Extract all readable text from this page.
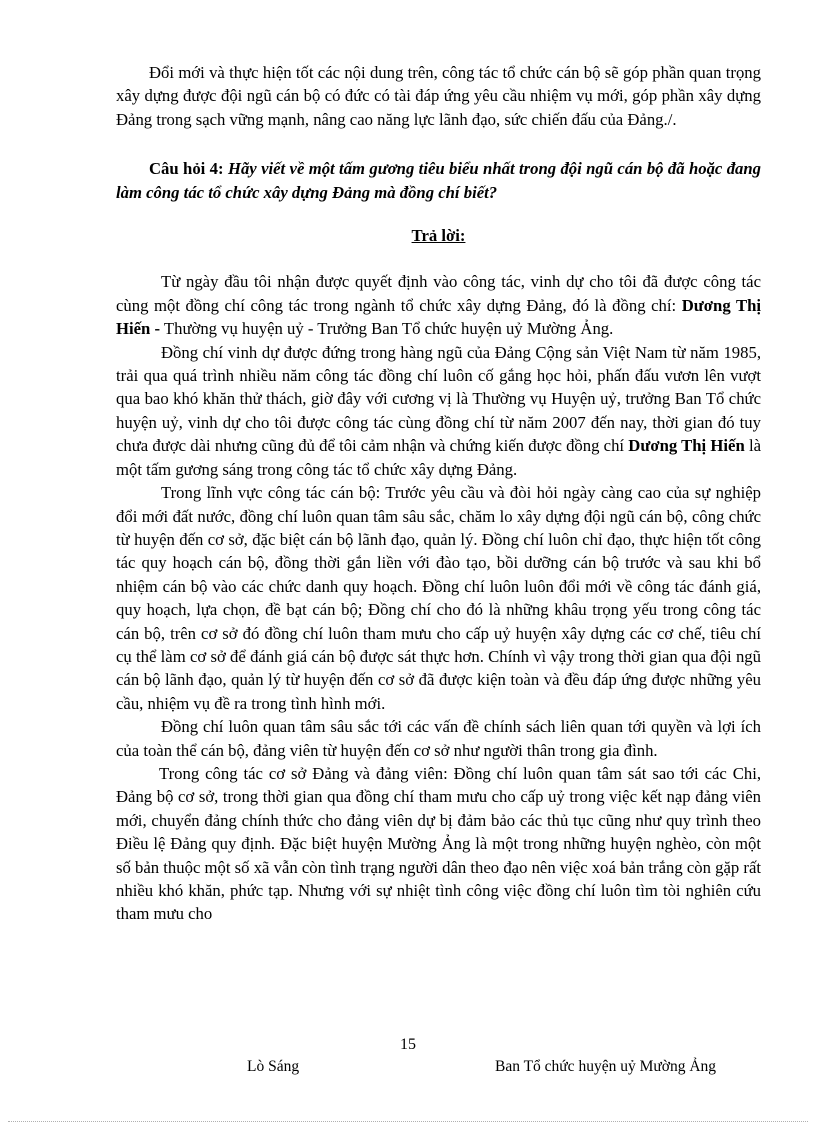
Đổi mới và thực hiện tốt các nội dung trên, công tác tổ chức cán bộ sẽ góp phần quan trọng xây dựng được đội ngũ cán bộ có đức có tài đáp ứng yêu cầu nhiệm vụ mới, góp phần xây dựng Đảng trong sạch vững mạnh, nâng cao năng lực lãnh đạo, sức chiến đấu của Đảng./.

Câu hỏi 4: Hãy viết về một tấm gương tiêu biểu nhất trong đội ngũ cán bộ đã hoặc đang làm công tác tổ chức xây dựng Đảng mà đồng chí biết?

Trả lời:

Từ ngày đầu tôi nhận được quyết định vào công tác, vinh dự cho tôi đã được công tác cùng một đồng chí công tác trong ngành tổ chức xây dựng Đảng, đó là đồng chí: Dương Thị Hiến - Thường vụ huyện uỷ - Trưởng Ban Tổ chức huyện uỷ Mường Ảng.

Đồng chí vinh dự được đứng trong hàng ngũ của Đảng Cộng sản Việt Nam từ năm 1985, trải qua quá trình nhiều năm công tác đồng chí luôn cố gắng học hỏi, phấn đấu vươn lên vượt qua bao khó khăn thử thách, giờ đây với cương vị là Thường vụ Huyện uỷ, trưởng Ban Tổ chức huyện uỷ, vinh dự cho tôi được công tác cùng đồng chí từ năm 2007 đến nay, thời gian đó tuy chưa được dài nhưng cũng đủ để tôi cảm nhận và chứng kiến được đồng chí Dương Thị Hiến là một tấm gương sáng trong công tác tổ chức xây dựng Đảng.

Trong lĩnh vực công tác cán bộ: Trước yêu cầu và đòi hỏi ngày càng cao của sự nghiệp đổi mới đất nước, đồng chí luôn quan tâm sâu sắc, chăm lo xây dựng đội ngũ cán bộ, công chức từ huyện đến cơ sở, đặc biệt cán bộ lãnh đạo, quản lý. Đồng chí luôn chỉ đạo, thực hiện tốt công tác quy hoạch cán bộ, đồng thời gắn liền với đào tạo, bồi dưỡng cán bộ trước và sau khi bổ nhiệm cán bộ vào các chức danh quy hoạch. Đồng chí luôn luôn đổi mới về công tác đánh giá, quy hoạch, lựa chọn, đề bạt cán bộ; Đồng chí cho đó là những khâu trọng yếu trong công tác cán bộ, trên cơ sở đó đồng chí luôn tham mưu cho cấp uỷ huyện xây dựng các cơ chế, tiêu chí cụ thể làm cơ sở để đánh giá cán bộ được sát thực hơn. Chính vì vậy trong thời gian qua đội ngũ cán bộ lãnh đạo, quản lý từ huyện đến cơ sở đã được kiện toàn và đều đáp ứng được những yêu cầu, nhiệm vụ đề ra trong tình hình mới.

Đồng chí luôn quan tâm sâu sắc tới các vấn đề chính sách liên quan tới quyền và lợi ích của toàn thể cán bộ, đảng viên từ huyện đến cơ sở như người thân trong gia đình.

Trong công tác cơ sở Đảng và đảng viên: Đồng chí luôn quan tâm sát sao tới các Chi, Đảng bộ cơ sở, trong thời gian qua đồng chí tham mưu cho cấp uỷ trong việc kết nạp đảng viên mới, chuyển đảng chính thức cho đảng viên dự bị đảm bảo các thủ tục cũng như quy trình theo Điều lệ Đảng quy định. Đặc biệt huyện Mường Ảng là một trong những huyện nghèo, còn một số bản thuộc một số xã vẫn còn tình trạng người dân theo đạo nên việc xoá bản trắng còn gặp rất nhiều khó khăn, phức tạp. Nhưng với sự nhiệt tình công việc đồng chí luôn tìm tòi nghiên cứu tham mưu cho

15
Lò Sáng	Ban Tổ chức huyện uỷ Mường Ảng
